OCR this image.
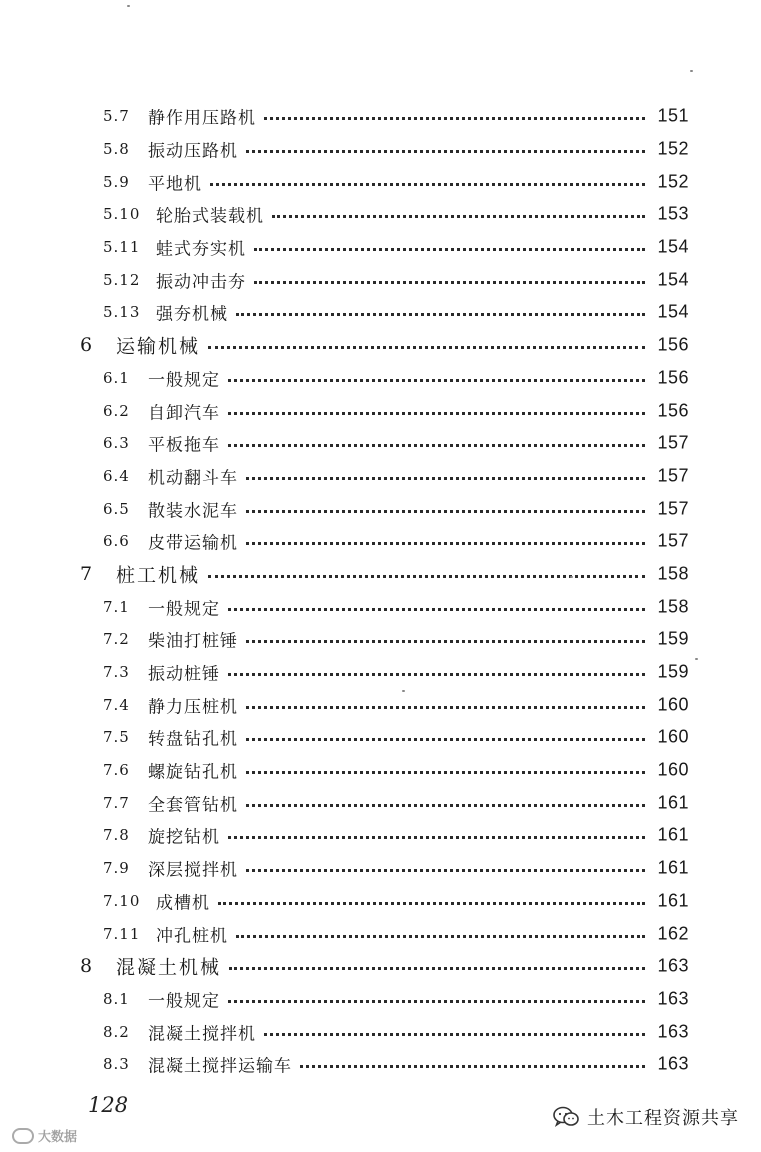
5.7 静作用压路机	151
5.8 振动压路机	152
5.9 平地机	152
5.10 轮胎式装载机	153
5.11 蛙式夯实机	154
5.12 振动冲击夯	154
5.13 强夯机械	154
6 运输机械	156
6.1 一般规定	156
6.2 自卸汽车	156
6.3 平板拖车	157
6.4 机动翻斗车	157
6.5 散装水泥车	157
6.6 皮带运输机	157
7 桩工机械	158
7.1 一般规定	158
7.2 柴油打桩锤	159
7.3 振动桩锤	159
7.4 静力压桩机	160
7.5 转盘钻孔机	160
7.6 螺旋钻孔机	160
7.7 全套管钻机	161
7.8 旋挖钻机	161
7.9 深层搅拌机	161
7.10 成槽机	161
7.11 冲孔桩机	162
8 混凝土机械	163
8.1 一般规定	163
8.2 混凝土搅拌机	163
8.3 混凝土搅拌运输车	163
128
大数据
土木工程资源共享
